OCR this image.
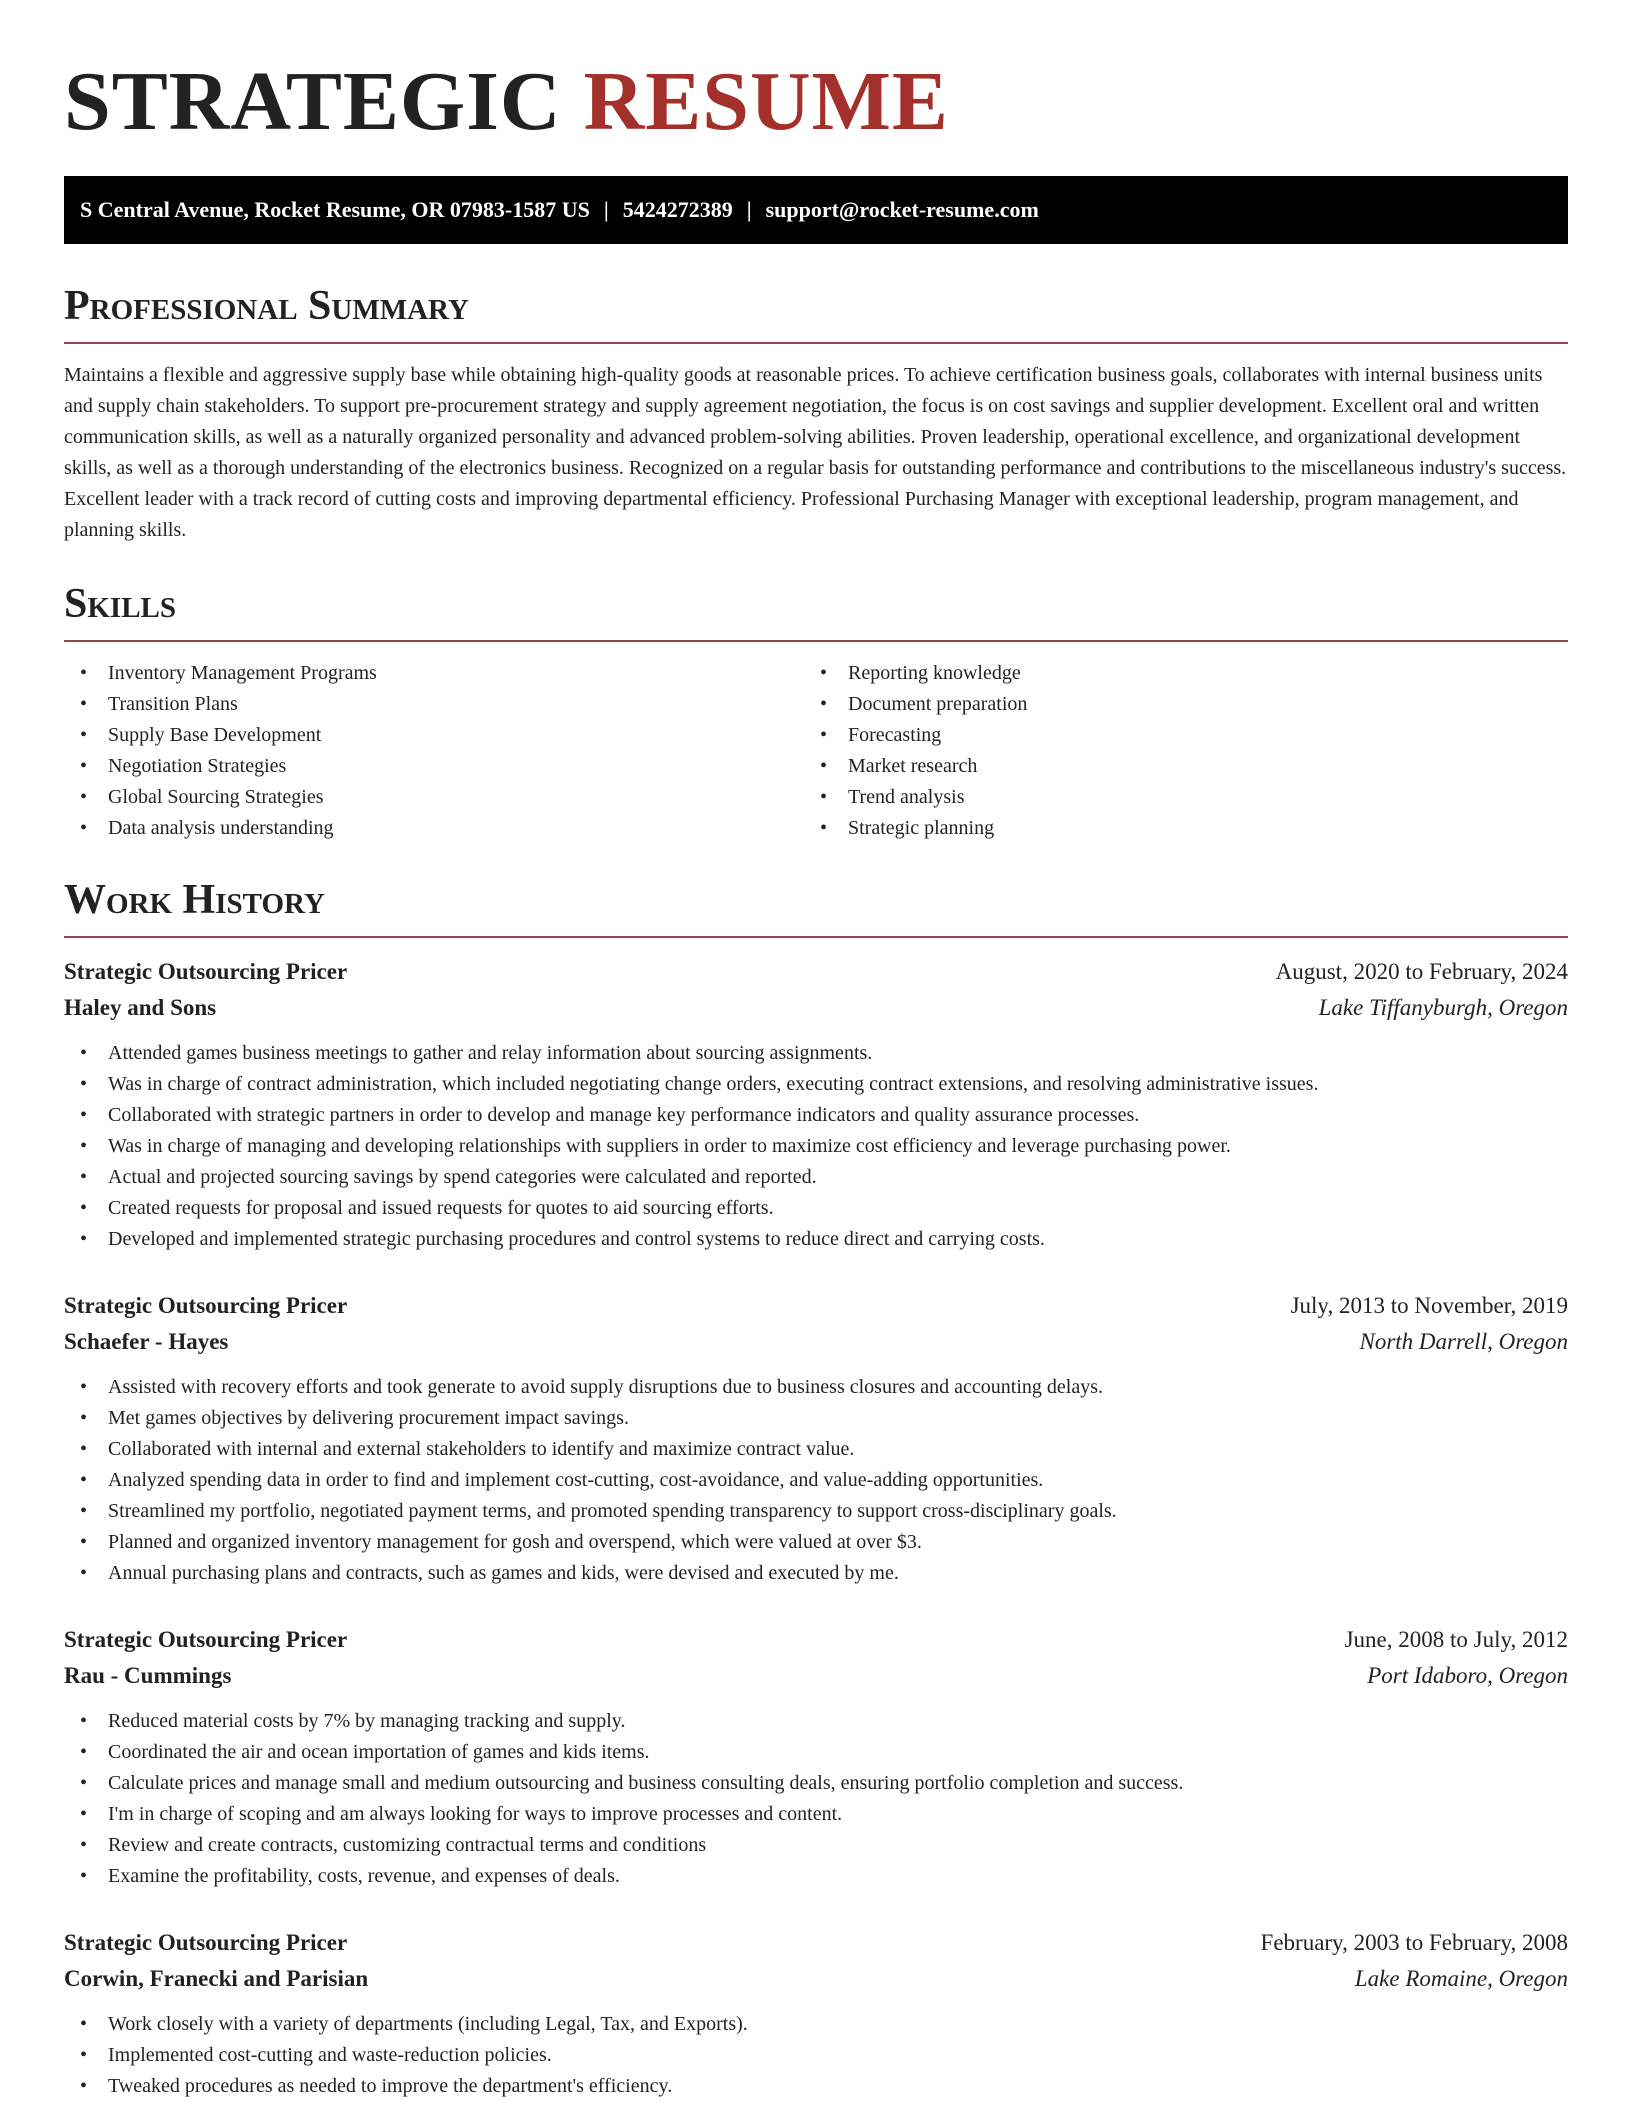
STRATEGIC RESUME
S Central Avenue, Rocket Resume, OR 07983-1587 US | 5424272389 | support@rocket-resume.com
Professional Summary

Maintains a flexible and aggressive supply base while obtaining high-quality goods at reasonable prices. To achieve certification business goals, collaborates with internal business units and supply chain stakeholders. To support pre-procurement strategy and supply agreement negotiation, the focus is on cost savings and supplier development. Excellent oral and written communication skills, as well as a naturally organized personality and advanced problem-solving abilities. Proven leadership, operational excellence, and organizational development skills, as well as a thorough understanding of the electronics business. Recognized on a regular basis for outstanding performance and contributions to the miscellaneous industry's success. Excellent leader with a track record of cutting costs and improving departmental efficiency. Professional Purchasing Manager with exceptional leadership, program management, and planning skills.

Skills
• Inventory Management Programs
• Transition Plans
• Supply Base Development
• Negotiation Strategies
• Global Sourcing Strategies
• Data analysis understanding
• Reporting knowledge
• Document preparation
• Forecasting
• Market research
• Trend analysis
• Strategic planning
Work History
Strategic Outsourcing Pricer	August, 2020 to February, 2024
Haley and Sons	Lake Tiffanyburgh, Oregon
• Attended games business meetings to gather and relay information about sourcing assignments.
• Was in charge of contract administration, which included negotiating change orders, executing contract extensions, and resolving administrative issues.
• Collaborated with strategic partners in order to develop and manage key performance indicators and quality assurance processes.
• Was in charge of managing and developing relationships with suppliers in order to maximize cost efficiency and leverage purchasing power.
• Actual and projected sourcing savings by spend categories were calculated and reported.
• Created requests for proposal and issued requests for quotes to aid sourcing efforts.
• Developed and implemented strategic purchasing procedures and control systems to reduce direct and carrying costs.
Strategic Outsourcing Pricer	July, 2013 to November, 2019
Schaefer - Hayes	North Darrell, Oregon
• Assisted with recovery efforts and took generate to avoid supply disruptions due to business closures and accounting delays.
• Met games objectives by delivering procurement impact savings.
• Collaborated with internal and external stakeholders to identify and maximize contract value.
• Analyzed spending data in order to find and implement cost-cutting, cost-avoidance, and value-adding opportunities.
• Streamlined my portfolio, negotiated payment terms, and promoted spending transparency to support cross-disciplinary goals.
• Planned and organized inventory management for gosh and overspend, which were valued at over $3.
• Annual purchasing plans and contracts, such as games and kids, were devised and executed by me.
Strategic Outsourcing Pricer	June, 2008 to July, 2012
Rau - Cummings	Port Idaboro, Oregon
• Reduced material costs by 7% by managing tracking and supply.
• Coordinated the air and ocean importation of games and kids items.
• Calculate prices and manage small and medium outsourcing and business consulting deals, ensuring portfolio completion and success.
• I'm in charge of scoping and am always looking for ways to improve processes and content.
• Review and create contracts, customizing contractual terms and conditions
• Examine the profitability, costs, revenue, and expenses of deals.
Strategic Outsourcing Pricer	February, 2003 to February, 2008
Corwin, Franecki and Parisian	Lake Romaine, Oregon
• Work closely with a variety of departments (including Legal, Tax, and Exports).
• Implemented cost-cutting and waste-reduction policies.
• Tweaked procedures as needed to improve the department's efficiency.
